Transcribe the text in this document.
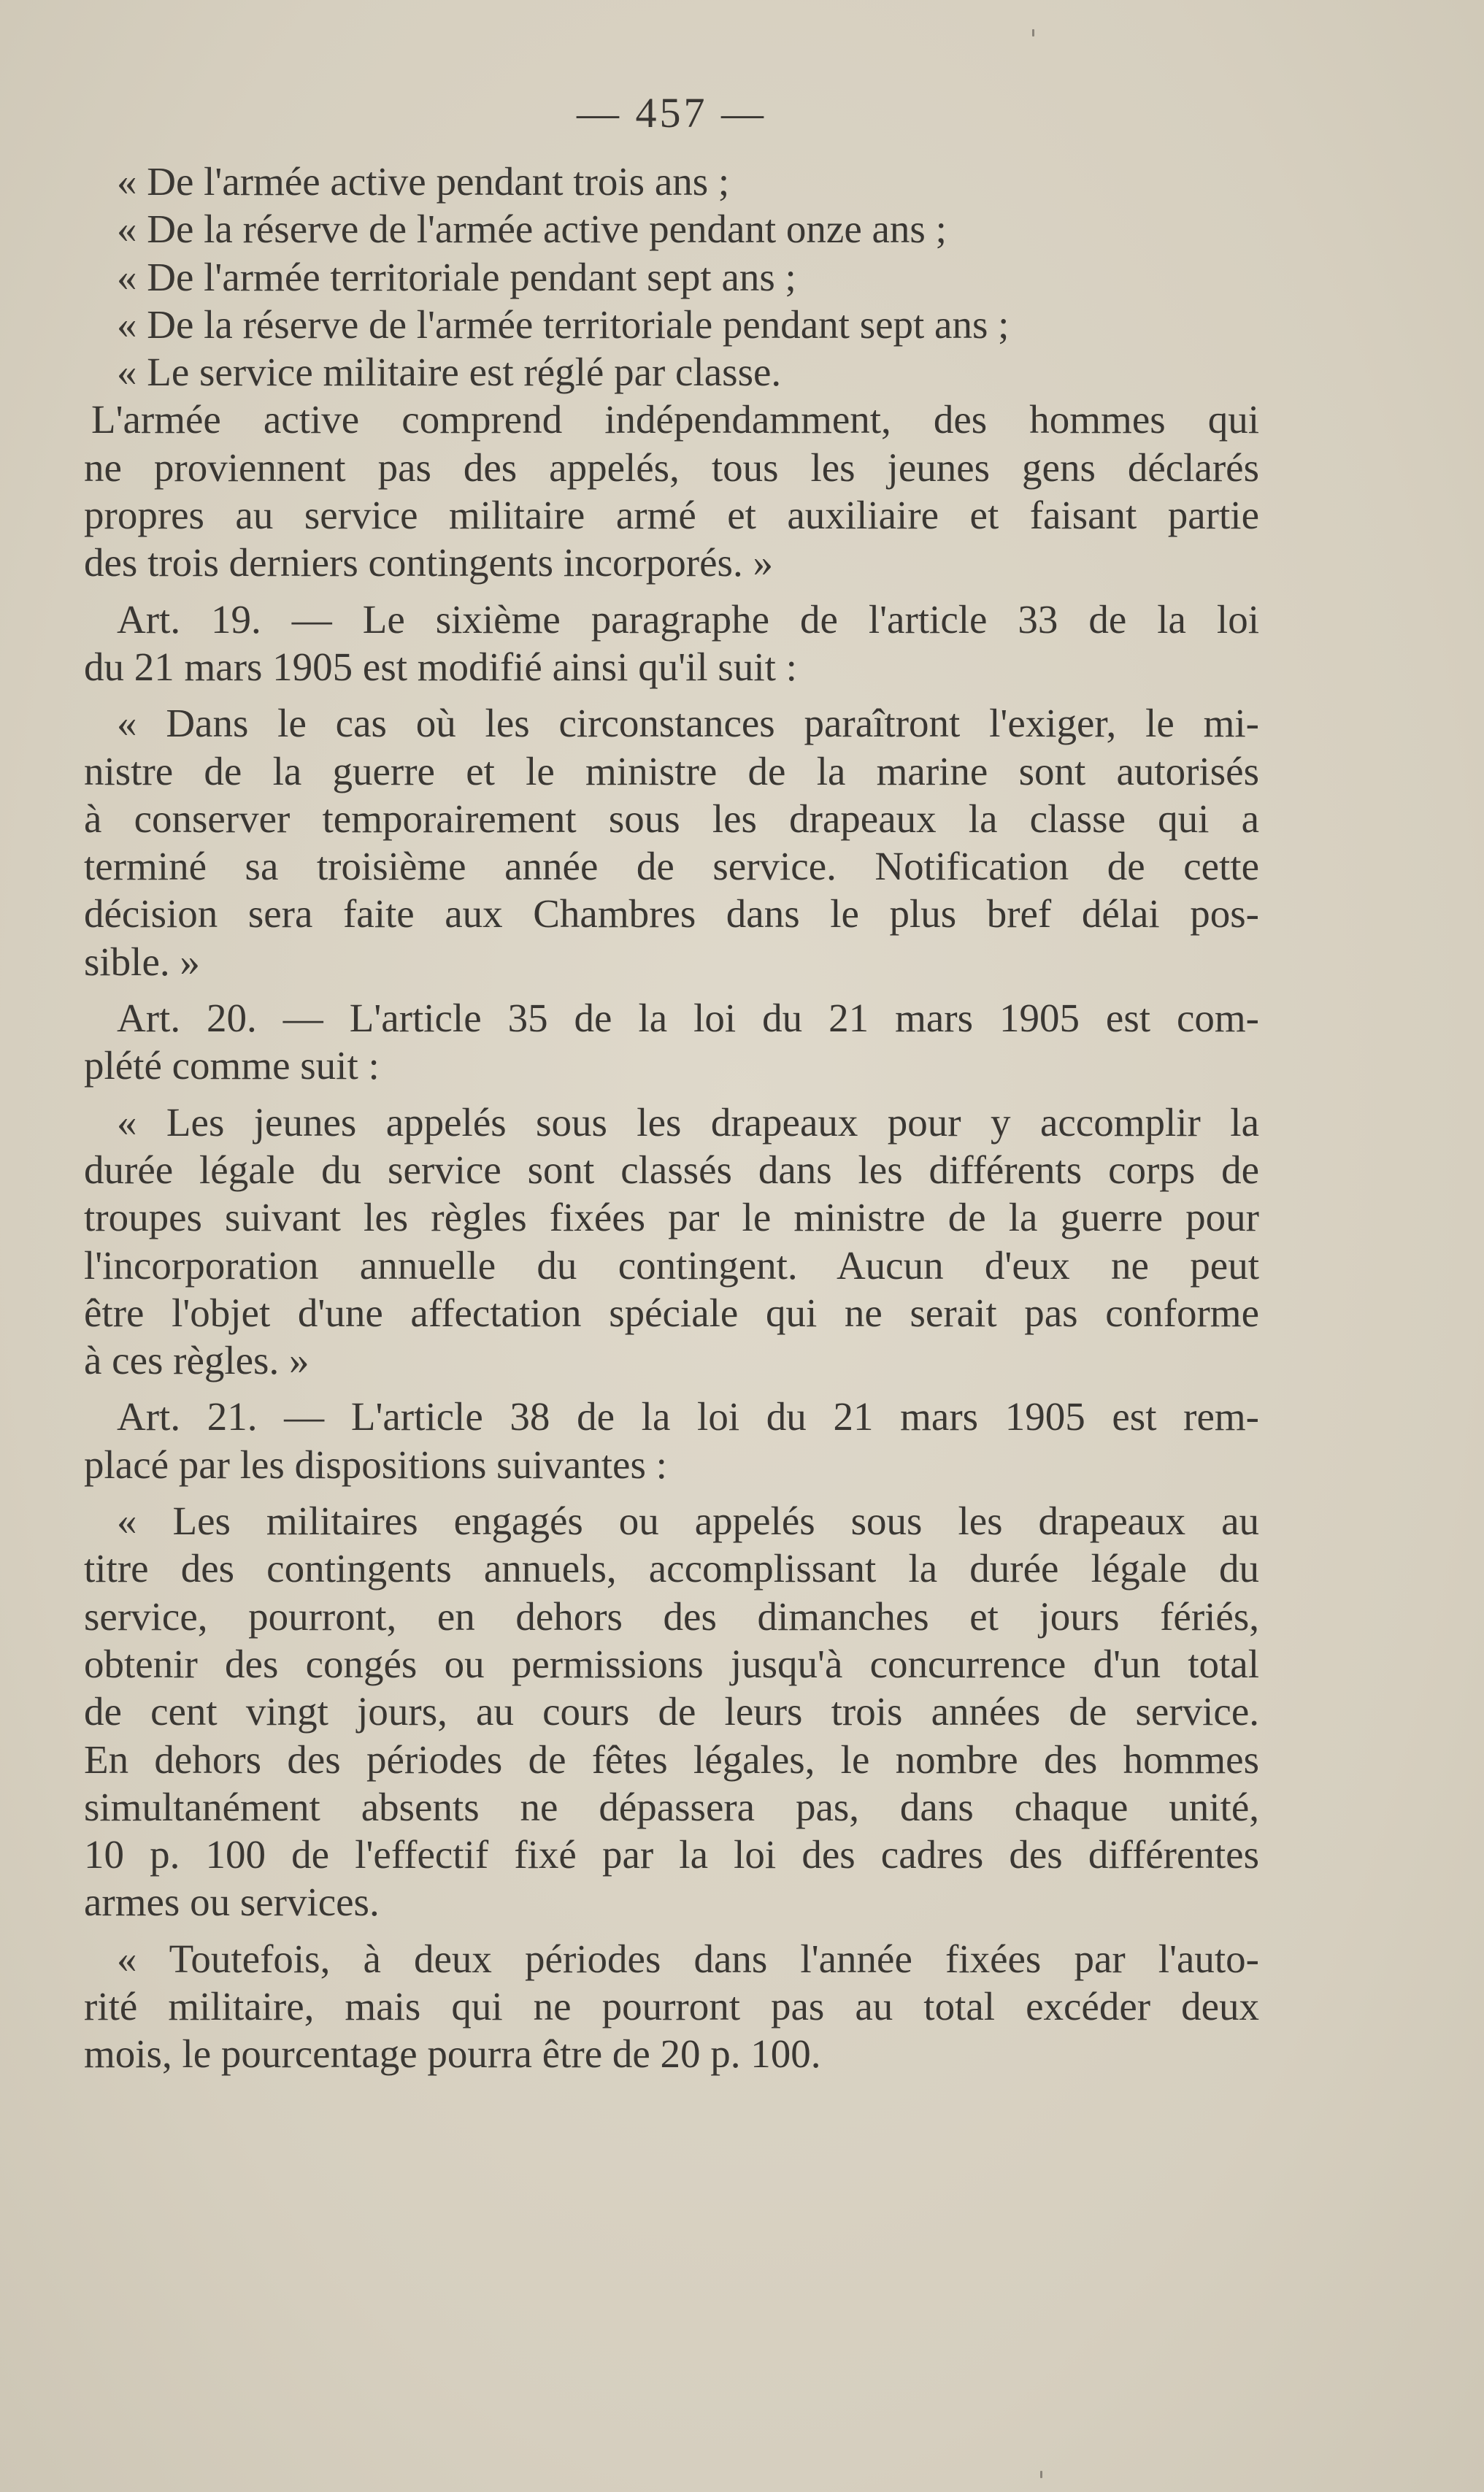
— 457 —
« De l'armée active pendant trois ans ;
« De la réserve de l'armée active pendant onze ans ;
« De l'armée territoriale pendant sept ans ;
« De la réserve de l'armée territoriale pendant sept ans ;
« Le service militaire est réglé par classe.
L'armée active comprend indépendamment, des hommes qui
ne proviennent pas des appelés, tous les jeunes gens déclarés
propres au service militaire armé et auxiliaire et faisant partie
des trois derniers contingents incorporés. »
Art. 19. — Le sixième paragraphe de l'article 33 de la loi
du 21 mars 1905 est modifié ainsi qu'il suit :
« Dans le cas où les circonstances paraîtront l'exiger, le mi-
nistre de la guerre et le ministre de la marine sont autorisés
à conserver temporairement sous les drapeaux la classe qui a
terminé sa troisième année de service. Notification de cette
décision sera faite aux Chambres dans le plus bref délai pos-
sible. »
Art. 20. — L'article 35 de la loi du 21 mars 1905 est com-
plété comme suit :
« Les jeunes appelés sous les drapeaux pour y accomplir la
durée légale du service sont classés dans les différents corps de
troupes suivant les règles fixées par le ministre de la guerre pour
l'incorporation annuelle du contingent. Aucun d'eux ne peut
être l'objet d'une affectation spéciale qui ne serait pas conforme
à ces règles. »
Art. 21. — L'article 38 de la loi du 21 mars 1905 est rem-
placé par les dispositions suivantes :
« Les militaires engagés ou appelés sous les drapeaux au
titre des contingents annuels, accomplissant la durée légale du
service, pourront, en dehors des dimanches et jours fériés,
obtenir des congés ou permissions jusqu'à concurrence d'un total
de cent vingt jours, au cours de leurs trois années de service.
En dehors des périodes de fêtes légales, le nombre des hommes
simultanément absents ne dépassera pas, dans chaque unité,
10 p. 100 de l'effectif fixé par la loi des cadres des différentes
armes ou services.
« Toutefois, à deux périodes dans l'année fixées par l'auto-
rité militaire, mais qui ne pourront pas au total excéder deux
mois, le pourcentage pourra être de 20 p. 100.
